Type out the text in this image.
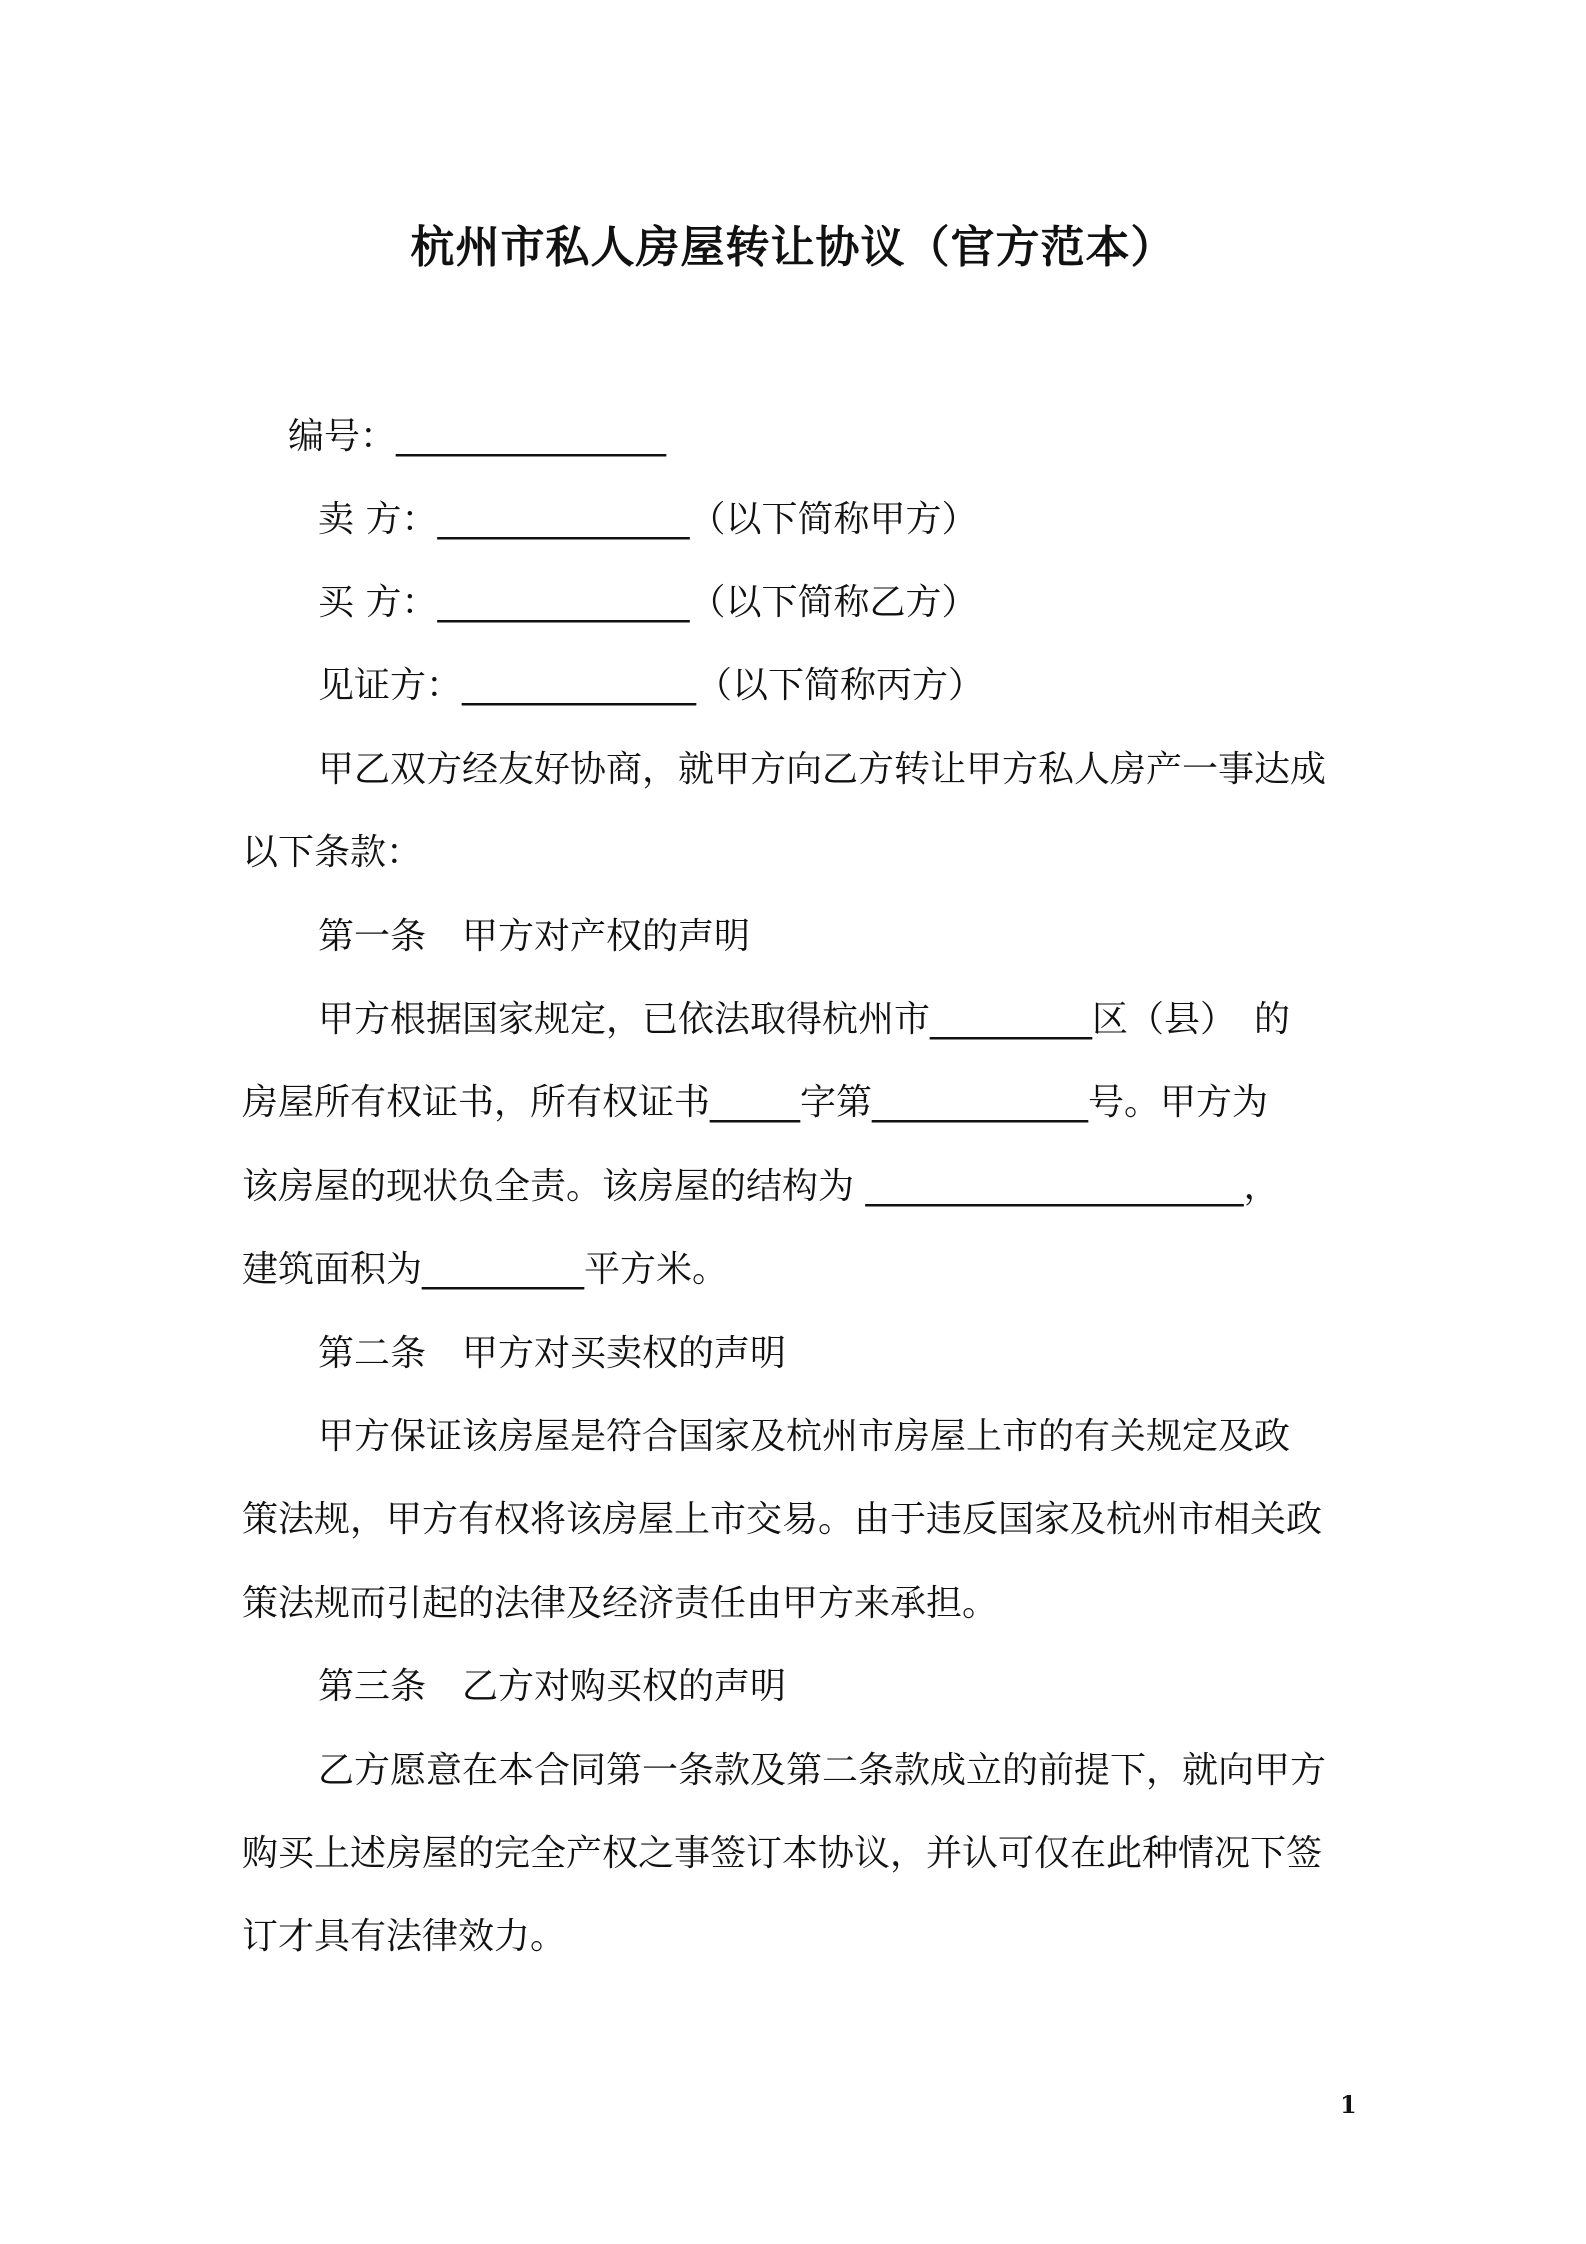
杭州市私人房屋转让协议（官方范本）
编号：_______________
卖 方：______________（以下简称甲方）
买 方：______________（以下简称乙方）
见证方：_____________（以下简称丙方）
甲乙双方经友好协商，就甲方向乙方转让甲方私人房产一事达成
以下条款：
第一条　甲方对产权的声明
甲方根据国家规定，已依法取得杭州市_________区（县）　的
房屋所有权证书，所有权证书_____字第____________号。甲方为
该房屋的现状负全责。该房屋的结构为 _____________________，
建筑面积为_________平方米。
第二条　甲方对买卖权的声明
甲方保证该房屋是符合国家及杭州市房屋上市的有关规定及政
策法规，甲方有权将该房屋上市交易。由于违反国家及杭州市相关政
策法规而引起的法律及经济责任由甲方来承担。
第三条　乙方对购买权的声明
乙方愿意在本合同第一条款及第二条款成立的前提下，就向甲方
购买上述房屋的完全产权之事签订本协议，并认可仅在此种情况下签
订才具有法律效力。
1
